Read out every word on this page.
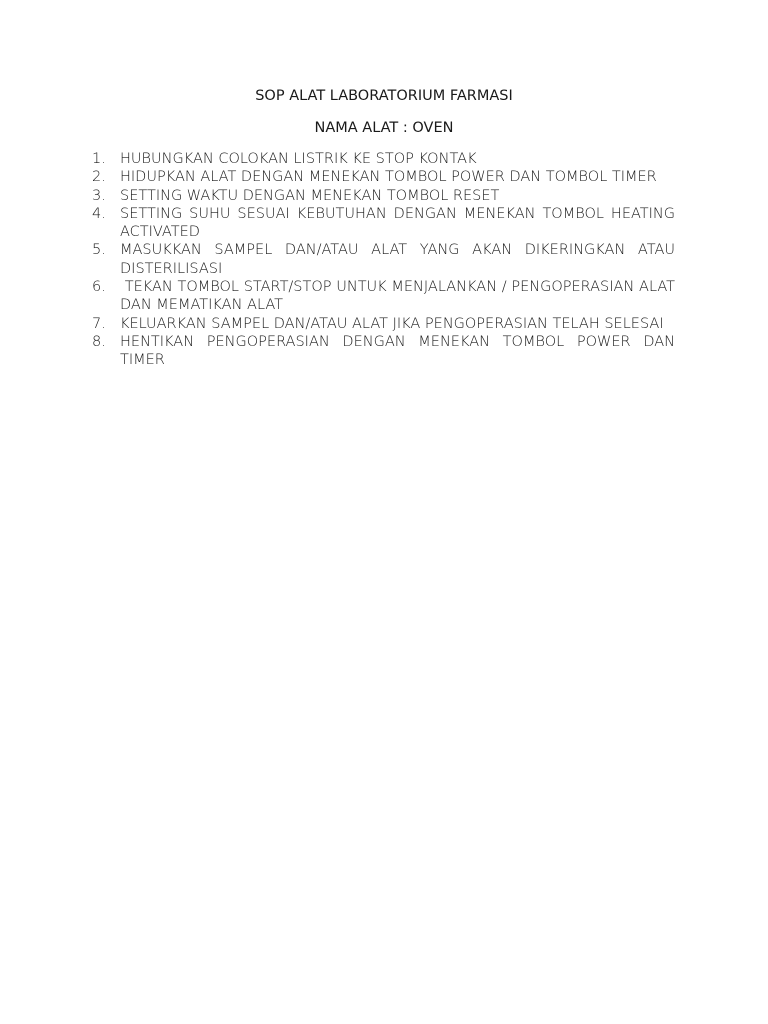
SOP ALAT LABORATORIUM FARMASI

NAMA ALAT : OVEN

1. HUBUNGKAN COLOKAN LISTRIK KE STOP KONTAK
2. HIDUPKAN ALAT DENGAN MENEKAN TOMBOL POWER DAN TOMBOL TIMER
3. SETTING WAKTU DENGAN MENEKAN TOMBOL RESET
4. SETTING SUHU SESUAI KEBUTUHAN DENGAN MENEKAN TOMBOL HEATING ACTIVATED
5. MASUKKAN SAMPEL DAN/ATAU ALAT YANG AKAN DIKERINGKAN ATAU DISTERILISASI
6. TEKAN TOMBOL START/STOP UNTUK MENJALANKAN / PENGOPERASIAN ALAT DAN MEMATIKAN ALAT
7. KELUARKAN SAMPEL DAN/ATAU ALAT JIKA PENGOPERASIAN TELAH SELESAI
8. HENTIKAN PENGOPERASIAN DENGAN MENEKAN TOMBOL POWER DAN TIMER
